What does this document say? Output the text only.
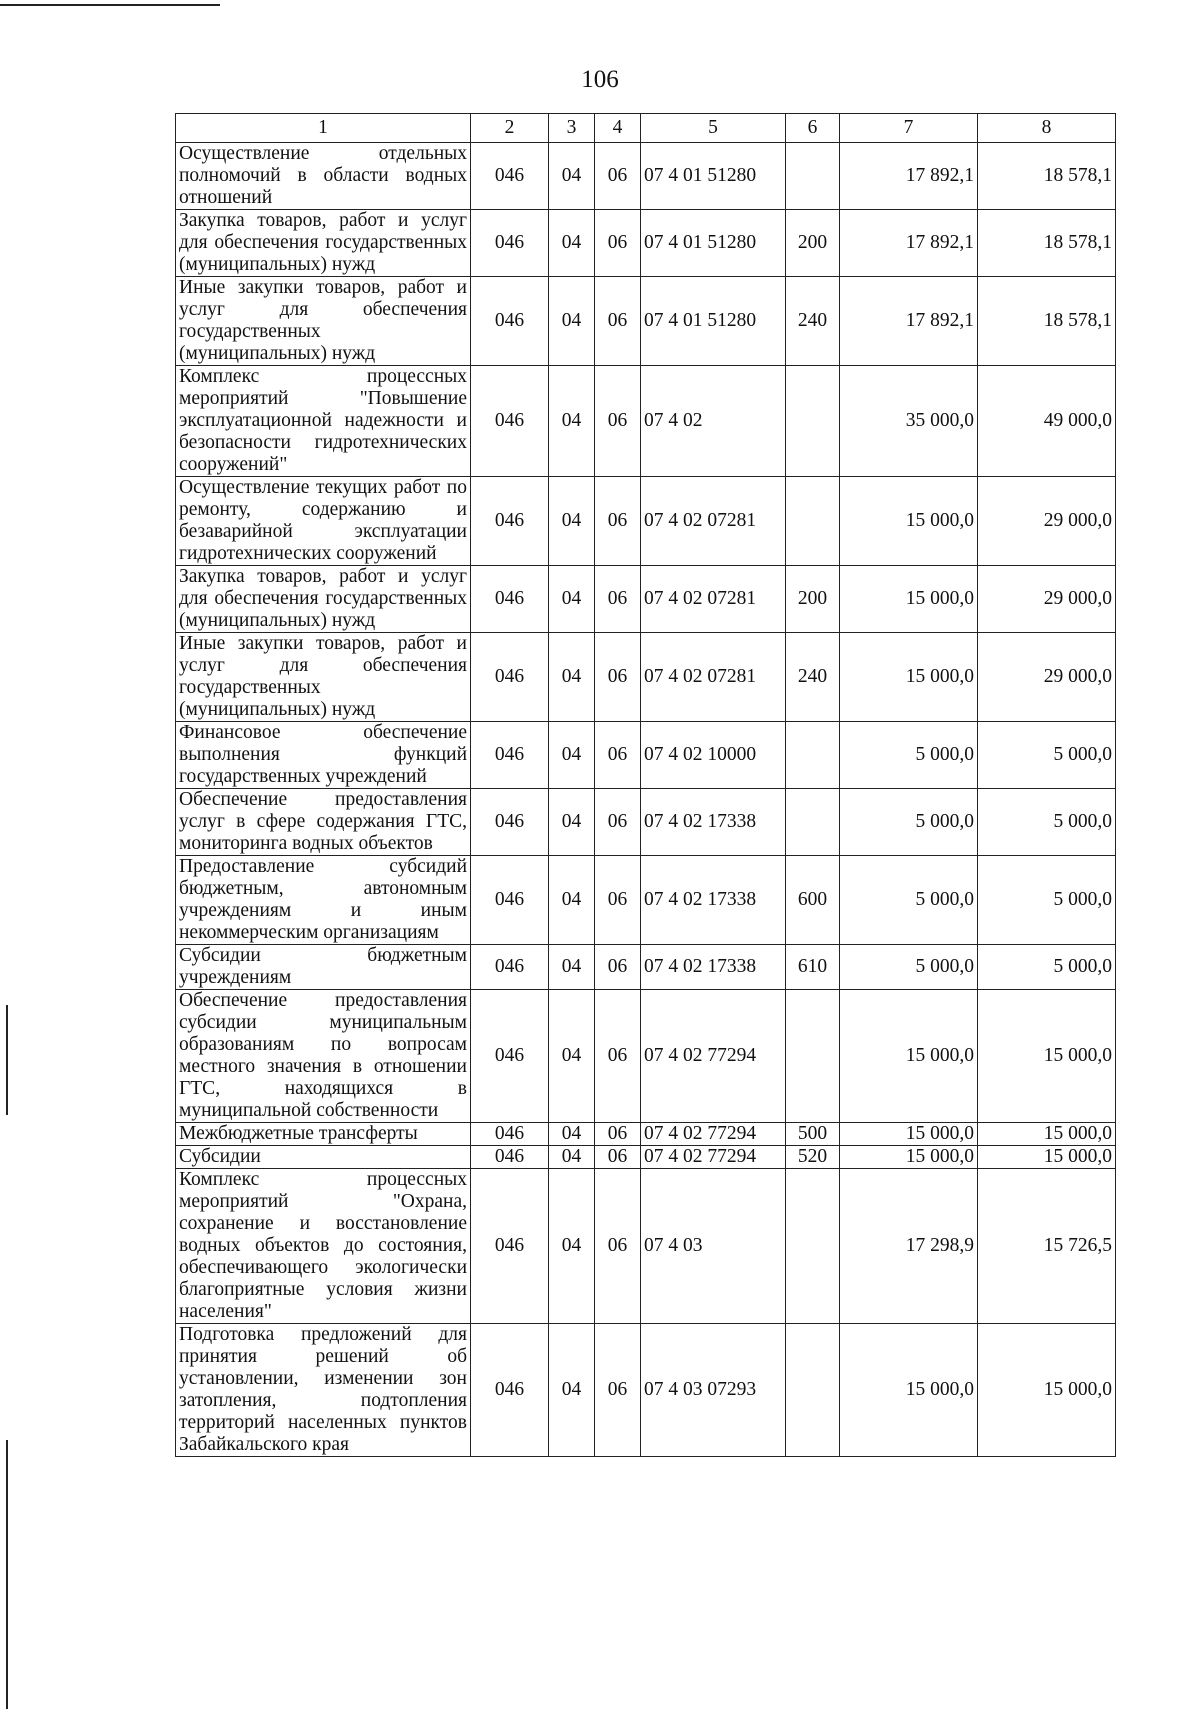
106
1	2	3	4	5	6	7	8
Осуществление отдельных полномочий в области водных отношений	046	04	06	07 4 01 51280		17 892,1	18 578,1
Закупка товаров, работ и услуг для обеспечения государственных (муниципальных) нужд	046	04	06	07 4 01 51280	200	17 892,1	18 578,1
Иные закупки товаров, работ и услуг для обеспечения государственных (муниципальных) нужд	046	04	06	07 4 01 51280	240	17 892,1	18 578,1
Комплекс процессных мероприятий "Повышение эксплуатационной надежности и безопасности гидротехнических сооружений"	046	04	06	07 4 02		35 000,0	49 000,0
Осуществление текущих работ по ремонту, содержанию и безаварийной эксплуатации гидротехнических сооружений	046	04	06	07 4 02 07281		15 000,0	29 000,0
Закупка товаров, работ и услуг для обеспечения государственных (муниципальных) нужд	046	04	06	07 4 02 07281	200	15 000,0	29 000,0
Иные закупки товаров, работ и услуг для обеспечения государственных (муниципальных) нужд	046	04	06	07 4 02 07281	240	15 000,0	29 000,0
Финансовое обеспечение выполнения функций государственных учреждений	046	04	06	07 4 02 10000		5 000,0	5 000,0
Обеспечение предоставления услуг в сфере содержания ГТС, мониторинга водных объектов	046	04	06	07 4 02 17338		5 000,0	5 000,0
Предоставление субсидий бюджетным, автономным учреждениям и иным некоммерческим организациям	046	04	06	07 4 02 17338	600	5 000,0	5 000,0
Субсидии бюджетным учреждениям	046	04	06	07 4 02 17338	610	5 000,0	5 000,0
Обеспечение предоставления субсидии муниципальным образованиям по вопросам местного значения в отношении ГТС, находящихся в муниципальной собственности	046	04	06	07 4 02 77294		15 000,0	15 000,0
Межбюджетные трансферты	046	04	06	07 4 02 77294	500	15 000,0	15 000,0
Субсидии	046	04	06	07 4 02 77294	520	15 000,0	15 000,0
Комплекс процессных мероприятий "Охрана, сохранение и восстановление водных объектов до состояния, обеспечивающего экологически благоприятные условия жизни населения"	046	04	06	07 4 03		17 298,9	15 726,5
Подготовка предложений для принятия решений об установлении, изменении зон затопления, подтопления территорий населенных пунктов Забайкальского края	046	04	06	07 4 03 07293		15 000,0	15 000,0
